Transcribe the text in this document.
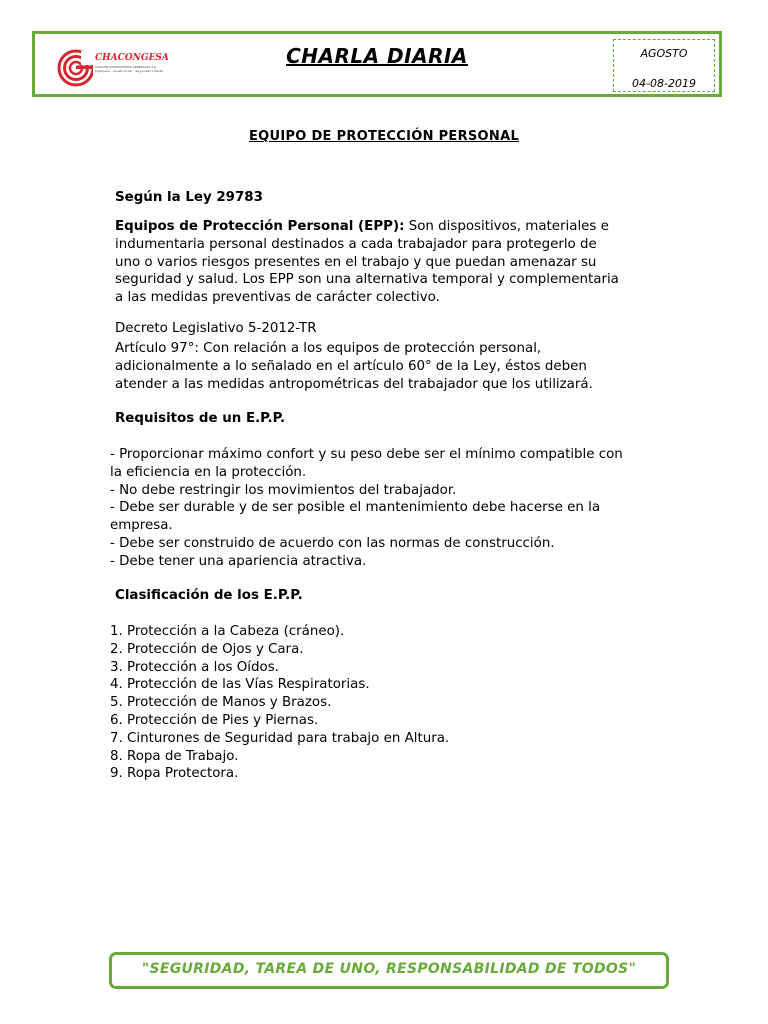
CHACONGESA
CHACÓN CONTRATISTAS GENERALES S.A.
Ingeniería · Construcción · Seguridad y Medio
CHARLA DIARIA	AGOSTO
04-08-2019
EQUIPO DE PROTECCIÓN PERSONAL

Según la Ley 29783

Equipos de Protección Personal (EPP): Son dispositivos, materiales e
indumentaria personal destinados a cada trabajador para protegerlo de
uno o varios riesgos presentes en el trabajo y que puedan amenazar su
seguridad y salud. Los EPP son una alternativa temporal y complementaria
a las medidas preventivas de carácter colectivo.

Decreto Legislativo 5-2012-TR

Artículo 97°: Con relación a los equipos de protección personal,
adicionalmente a lo señalado en el artículo 60° de la Ley, éstos deben
atender a las medidas antropométricas del trabajador que los utilizará.

Requisitos de un E.P.P.

- Proporcionar máximo confort y su peso debe ser el mínimo compatible con
la eficiencia en la protección.
- No debe restringir los movimientos del trabajador.
- Debe ser durable y de ser posible el mantenimiento debe hacerse en la
empresa.
- Debe ser construido de acuerdo con las normas de construcción.
- Debe tener una apariencia atractiva.

Clasificación de los E.P.P.

1. Protección a la Cabeza (cráneo).
2. Protección de Ojos y Cara.
3. Protección a los Oídos.
4. Protección de las Vías Respiratorias.
5. Protección de Manos y Brazos.
6. Protección de Pies y Piernas.
7. Cinturones de Seguridad para trabajo en Altura.
8. Ropa de Trabajo.
9. Ropa Protectora.
"SEGURIDAD, TAREA DE UNO, RESPONSABILIDAD DE TODOS"
